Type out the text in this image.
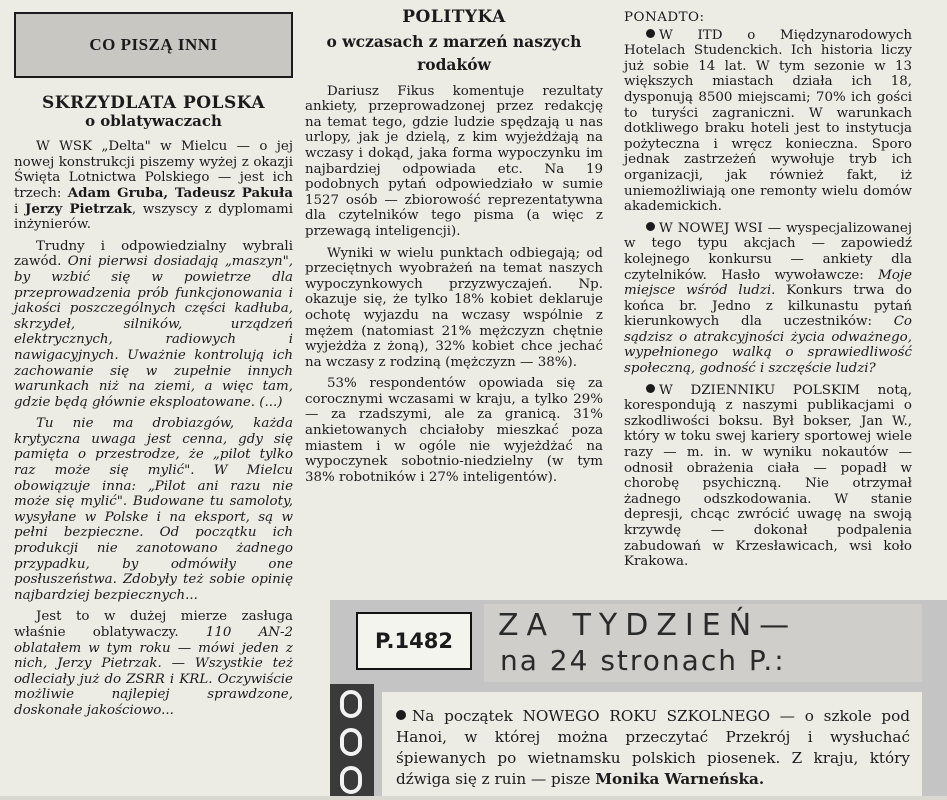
CO PISZĄ INNI
SKRZYDLATA POLSKA
o oblatywaczach

W WSK „Delta" w Mielcu — o jej nowej konstrukcji piszemy wyżej z okazji Święta Lotnictwa Polskiego — jest ich trzech: Adam Gruba, Tadeusz Pakuła i Jerzy Pietrzak, wszyscy z dyplomami inżynierów.

Trudny i odpowiedzialny wybrali zawód. Oni pierwsi dosiadają „maszyn", by wzbić się w powietrze dla przeprowadzenia prób funkcjonowania i jakości poszczególnych części kadłuba, skrzydeł, silników, urządzeń elektrycznych, radiowych i nawigacyjnych. Uważnie kontrolują ich zachowanie się w zupełnie innych warunkach niż na ziemi, a więc tam, gdzie będą głównie eksploatowane. (...)

Tu nie ma drobiazgów, każda krytyczna uwaga jest cenna, gdy się pamięta o przestrodze, że „pilot tylko raz może się mylić". W Mielcu obowiązuje inna: „Pilot ani razu nie może się mylić". Budowane tu samoloty, wysyłane w Polske i na eksport, są w pełni bezpieczne. Od początku ich produkcji nie zanotowano żadnego przypadku, by odmówiły one posłuszeństwa. Zdobyły też sobie opinię najbardziej bezpiecznych...

Jest to w dużej mierze zasługa właśnie oblatywaczy. 110 AN-2 oblatałem w tym roku — mówi jeden z nich, Jerzy Pietrzak. — Wszystkie też odleciały już do ZSRR i KRL. Oczywiście możliwie najlepiej sprawdzone, doskonałe jakościowo...

POLITYKA
o wczasach z marzeń naszych rodaków

Dariusz Fikus komentuje rezultaty ankiety, przeprowadzonej przez redakcję na temat tego, gdzie ludzie spędzają u nas urlopy, jak je dzielą, z kim wyjeżdżają na wczasy i dokąd, jaka forma wypoczynku im najbardziej odpowiada etc. Na 19 podobnych pytań odpowiedziało w sumie 1527 osób — zbiorowość reprezentatywna dla czytelników tego pisma (a więc z przewagą inteligencji).

Wyniki w wielu punktach odbiegają; od przeciętnych wyobrażeń na temat naszych wypoczynkowych przyzwyczajeń. Np. okazuje się, że tylko 18% kobiet deklaruje ochotę wyjazdu na wczasy wspólnie z mężem (natomiast 21% mężczyzn chętnie wyjeżdża z żoną), 32% kobiet chce jechać na wczasy z rodziną (mężczyzn — 38%).

53% respondentów opowiada się za corocznymi wczasami w kraju, a tylko 29% — za rzadszymi, ale za granicą. 31% ankietowanych chciałoby mieszkać poza miastem i w ogóle nie wyjeżdżać na wypoczynek sobotnio-niedzielny (w tym 38% robotników i 27% inteligentów).

PONADTO:

W ITD o Międzynarodowych Hotelach Studenckich. Ich historia liczy już sobie 14 lat. W tym sezonie w 13 większych miastach działa ich 18, dysponują 8500 miejscami; 70% ich gości to turyści zagraniczni. W warunkach dotkliwego braku hoteli jest to instytucja pożyteczna i wręcz konieczna. Sporo jednak zastrzeżeń wywołuje tryb ich organizacji, jak również fakt, iż uniemożliwiają one remonty wielu domów akademickich.

W NOWEJ WSI — wyspecjalizowanej w tego typu akcjach — zapowiedź kolejnego konkursu — ankiety dla czytelników. Hasło wywoławcze: Moje miejsce wśród ludzi. Konkurs trwa do końca br. Jedno z kilkunastu pytań kierunkowych dla uczestników: Co sądzisz o atrakcyjności życia odważnego, wypełnionego walką o sprawiedliwość społeczną, godność i szczęście ludzi?

W DZIENNIKU POLSKIM notą, korespondują z naszymi publikacjami o szkodliwości boksu. Był bokser, Jan W., który w toku swej kariery sportowej wiele razy — m. in. w wyniku nokautów — odnosił obrażenia ciała — popadł w chorobę psychiczną. Nie otrzymał żadnego odszkodowania. W stanie depresji, chcąc zwrócić uwagę na swoją krzywdę — dokonał podpalenia zabudowań w Krzesławicach, wsi koło Krakowa.

P.1482 ZA TYDZIEŃ—
na 24 stronach P.:
Na początek NOWEGO ROKU SZKOLNEGO — o szkole pod Hanoi, w której można przeczytać Przekrój i wysłuchać śpiewanych po wietnamsku polskich piosenek. Z kraju, który dźwiga się z ruin — pisze Monika Warneńska.
